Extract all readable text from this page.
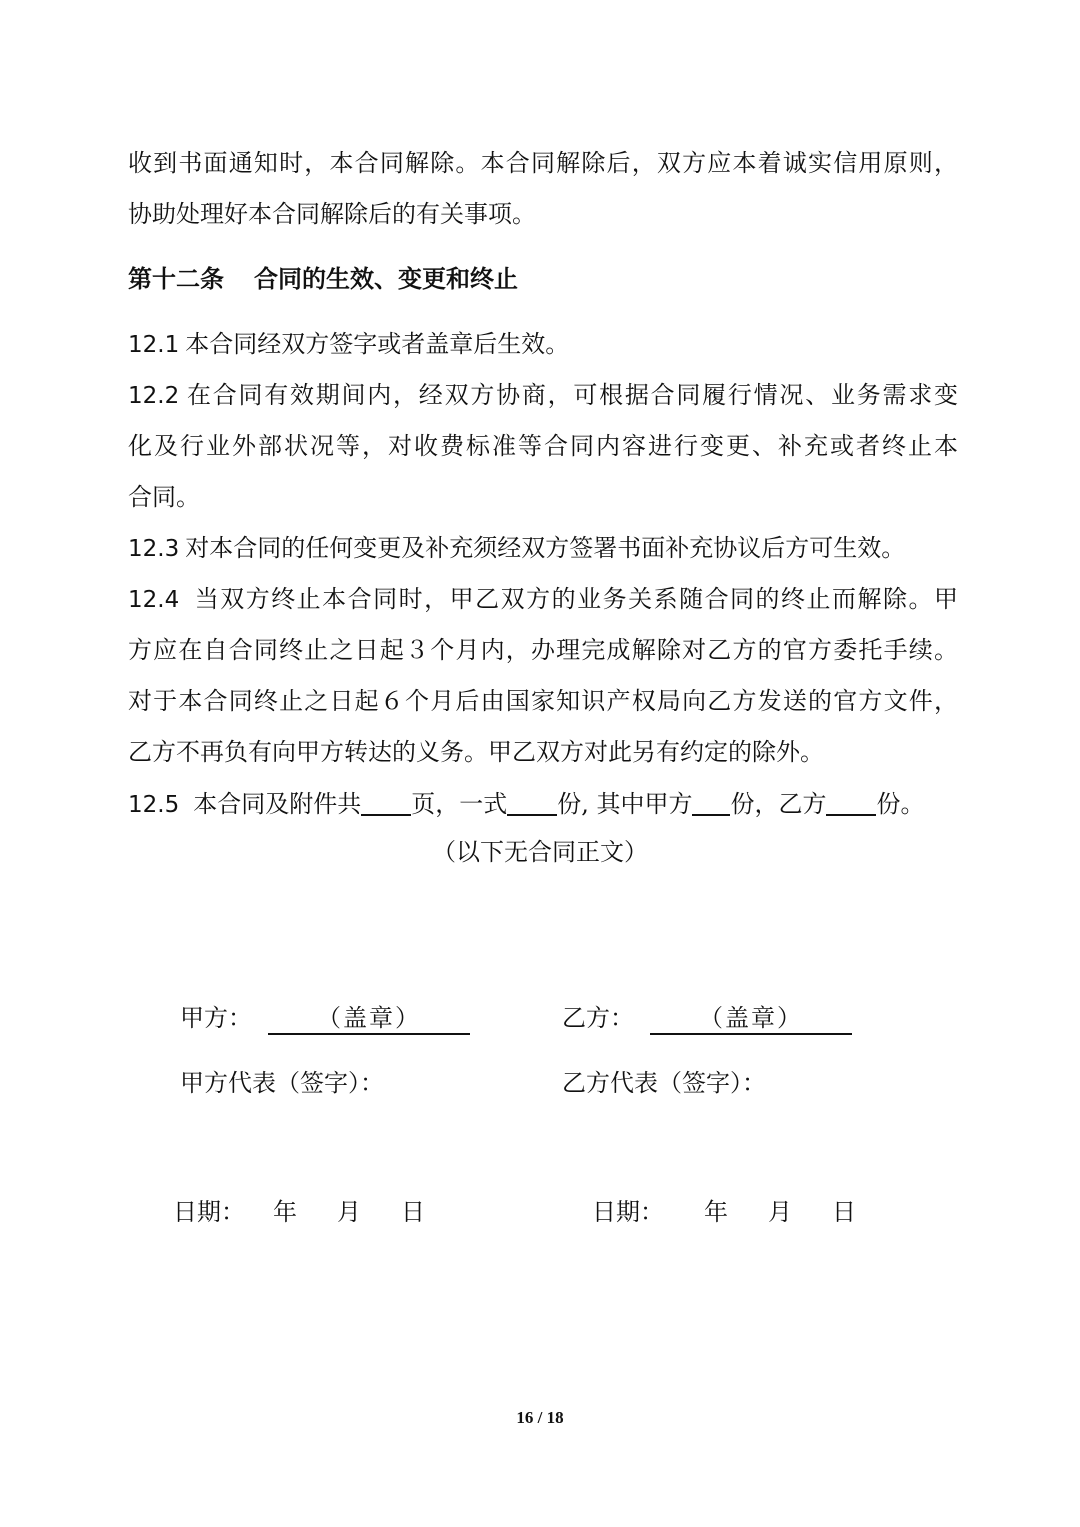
收到书面通知时，本合同解除。本合同解除后，双方应本着诚实信用原则，
协助处理好本合同解除后的有关事项。
第十二条 合同的生效、变更和终止
12.1 本合同经双方签字或者盖章后生效。
12.2 在合同有效期间内，经双方协商，可根据合同履行情况、业务需求变
化及行业外部状况等，对收费标准等合同内容进行变更、补充或者终止本
合同。
12.3 对本合同的任何变更及补充须经双方签署书面补充协议后方可生效。
12.4 当双方终止本合同时，甲乙双方的业务关系随合同的终止而解除。甲
方应在自合同终止之日起３个月内，办理完成解除对乙方的官方委托手续。
对于本合同终止之日起６个月后由国家知识产权局向乙方发送的官方文件，
乙方不再负有向甲方转达的义务。甲乙双方对此另有约定的除外。
12.5 本合同及附件共 页，一式 份, 其中甲方 份，乙方 份。
（以下无合同正文）
甲方：	（盖章）	乙方：	（盖章）
甲方代表（签字）：	乙方代表（签字）：
日期： 年 月 日	日期： 年 月 日
16 / 18
